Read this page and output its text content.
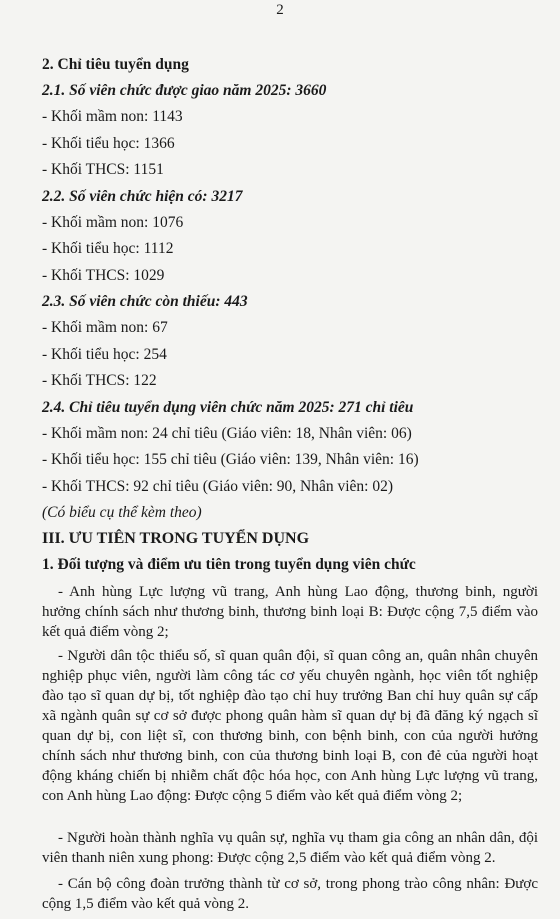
2
2. Chỉ tiêu tuyển dụng
2.1. Số viên chức được giao năm 2025: 3660
- Khối mầm non: 1143
- Khối tiểu học: 1366
- Khối THCS: 1151
2.2. Số viên chức hiện có: 3217
- Khối mầm non: 1076
- Khối tiểu học: 1112
- Khối THCS: 1029
2.3. Số viên chức còn thiếu: 443
- Khối mầm non: 67
- Khối tiểu học: 254
- Khối THCS: 122
2.4. Chỉ tiêu tuyển dụng viên chức năm 2025: 271 chỉ tiêu
- Khối mầm non: 24 chỉ tiêu (Giáo viên: 18, Nhân viên: 06)
- Khối tiểu học: 155 chỉ tiêu (Giáo viên: 139, Nhân viên: 16)
- Khối THCS: 92 chỉ tiêu (Giáo viên: 90, Nhân viên: 02)
(Có biểu cụ thể kèm theo)
III. ƯU TIÊN TRONG TUYỂN DỤNG
1. Đối tượng và điểm ưu tiên trong tuyển dụng viên chức
- Anh hùng Lực lượng vũ trang, Anh hùng Lao động, thương binh, người hưởng chính sách như thương binh, thương binh loại B: Được cộng 7,5 điểm vào kết quả điểm vòng 2;
- Người dân tộc thiểu số, sĩ quan quân đội, sĩ quan công an, quân nhân chuyên nghiệp phục viên, người làm công tác cơ yếu chuyên ngành, học viên tốt nghiệp đào tạo sĩ quan dự bị, tốt nghiệp đào tạo chỉ huy trưởng Ban chỉ huy quân sự cấp xã ngành quân sự cơ sở được phong quân hàm sĩ quan dự bị đã đăng ký ngạch sĩ quan dự bị, con liệt sĩ, con thương binh, con bệnh binh, con của người hưởng chính sách như thương binh, con của thương binh loại B, con đẻ của người hoạt động kháng chiến bị nhiễm chất độc hóa học, con Anh hùng Lực lượng vũ trang, con Anh hùng Lao động: Được cộng 5 điểm vào kết quả điểm vòng 2;
- Người hoàn thành nghĩa vụ quân sự, nghĩa vụ tham gia công an nhân dân, đội viên thanh niên xung phong: Được cộng 2,5 điểm vào kết quả điểm vòng 2.
- Cán bộ công đoàn trưởng thành từ cơ sở, trong phong trào công nhân: Được cộng 1,5 điểm vào kết quả vòng 2.
